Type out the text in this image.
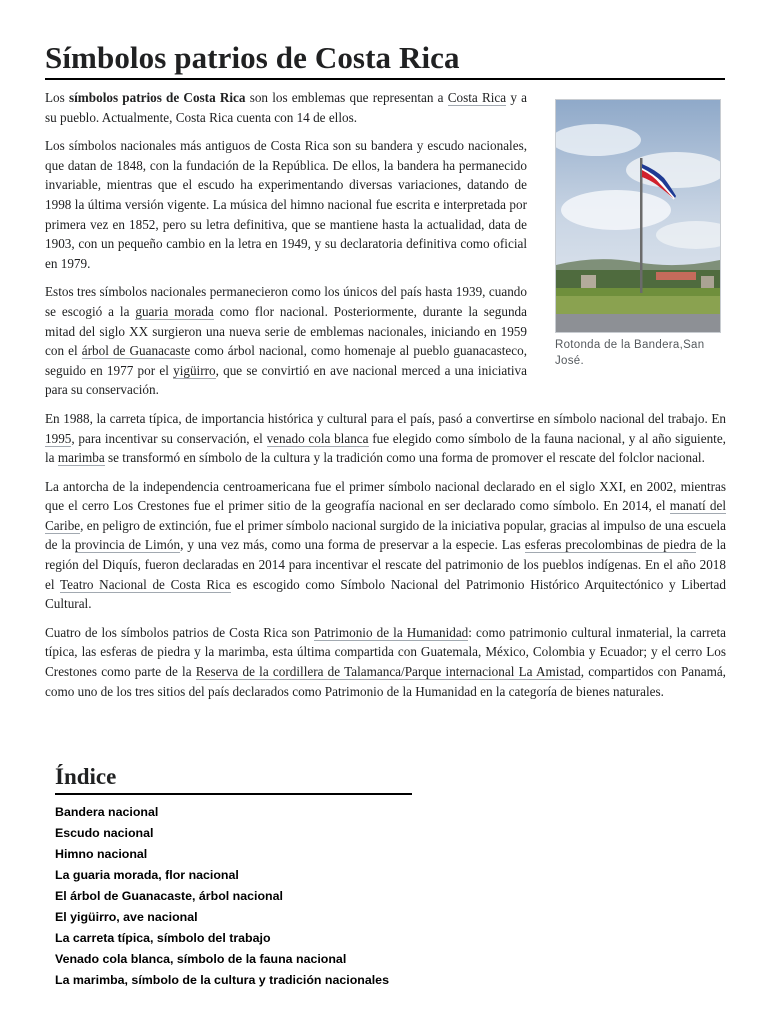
Símbolos patrios de Costa Rica

Los símbolos patrios de Costa Rica son los emblemas que representan a Costa Rica y a su pueblo. Actualmente, Costa Rica cuenta con 14 de ellos.

Los símbolos nacionales más antiguos de Costa Rica son su bandera y escudo nacionales, que datan de 1848, con la fundación de la República. De ellos, la bandera ha permanecido invariable, mientras que el escudo ha experimentando diversas variaciones, datando de 1998 la última versión vigente. La música del himno nacional fue escrita e interpretada por primera vez en 1852, pero su letra definitiva, que se mantiene hasta la actualidad, data de 1903, con un pequeño cambio en la letra en 1949, y su declaratoria definitiva como oficial en 1979.

Estos tres símbolos nacionales permanecieron como los únicos del país hasta 1939, cuando se escogió a la guaria morada como flor nacional. Posteriormente, durante la segunda mitad del siglo XX surgieron una nueva serie de emblemas nacionales, iniciando en 1959 con el árbol de Guanacaste como árbol nacional, como homenaje al pueblo guanacasteco, seguido en 1977 por el yigüirro, que se convirtió en ave nacional merced a una iniciativa para su conservación.

En 1988, la carreta típica, de importancia histórica y cultural para el país, pasó a convertirse en símbolo nacional del trabajo. En 1995, para incentivar su conservación, el venado cola blanca fue elegido como símbolo de la fauna nacional, y al año siguiente, la marimba se transformó en símbolo de la cultura y la tradición como una forma de promover el rescate del folclor nacional.

La antorcha de la independencia centroamericana fue el primer símbolo nacional declarado en el siglo XXI, en 2002, mientras que el cerro Los Crestones fue el primer sitio de la geografía nacional en ser declarado como símbolo. En 2014, el manatí del Caribe, en peligro de extinción, fue el primer símbolo nacional surgido de la iniciativa popular, gracias al impulso de una escuela de la provincia de Limón, y una vez más, como una forma de preservar a la especie. Las esferas precolombinas de piedra de la región del Diquís, fueron declaradas en 2014 para incentivar el rescate del patrimonio de los pueblos indígenas. En el año 2018 el Teatro Nacional de Costa Rica es escogido como Símbolo Nacional del Patrimonio Histórico Arquitectónico y Libertad Cultural.

Cuatro de los símbolos patrios de Costa Rica son Patrimonio de la Humanidad: como patrimonio cultural inmaterial, la carreta típica, las esferas de piedra y la marimba, esta última compartida con Guatemala, México, Colombia y Ecuador; y el cerro Los Crestones como parte de la Reserva de la cordillera de Talamanca/Parque internacional La Amistad, compartidos con Panamá, como uno de los tres sitios del país declarados como Patrimonio de la Humanidad en la categoría de bienes naturales.

Rotonda de la Bandera,San José.
Índice
Bandera nacional
Escudo nacional
Himno nacional
La guaria morada, flor nacional
El árbol de Guanacaste, árbol nacional
El yigüirro, ave nacional
La carreta típica, símbolo del trabajo
Venado cola blanca, símbolo de la fauna nacional
La marimba, símbolo de la cultura y tradición nacionales
